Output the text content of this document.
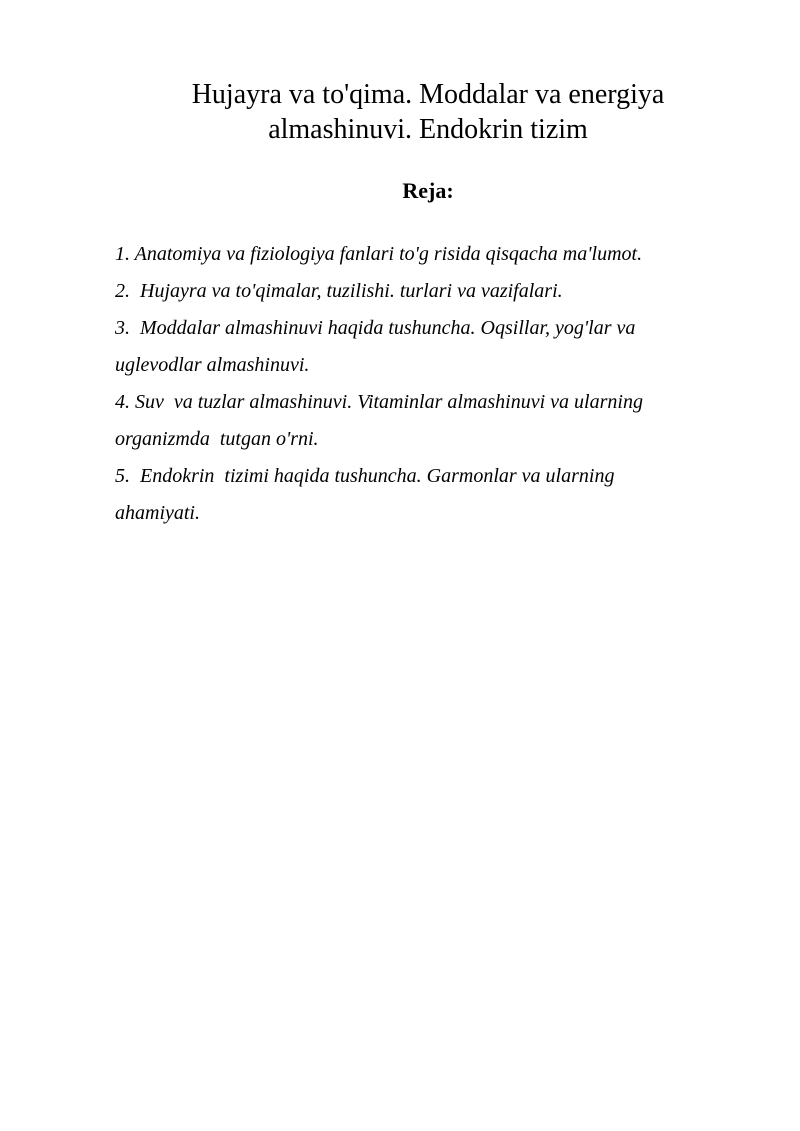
Hujayra va to'qima. Moddalar va energiya
almashinuvi. Endokrin tizim
Reja:
1. Anatomiya va fiziologiya fanlari to'g risida qisqacha ma'lumot.
2.  Hujayra va to'qimalar, tuzilishi. turlari va vazifalari.
3.  Moddalar almashinuvi haqida tushuncha. Oqsillar, yog'lar va
uglevodlar almashinuvi.
4. Suv  va tuzlar almashinuvi. Vitaminlar almashinuvi va ularning
organizmda  tutgan o'rni.
5.  Endokrin  tizimi haqida tushuncha. Garmonlar va ularning
ahamiyati.
